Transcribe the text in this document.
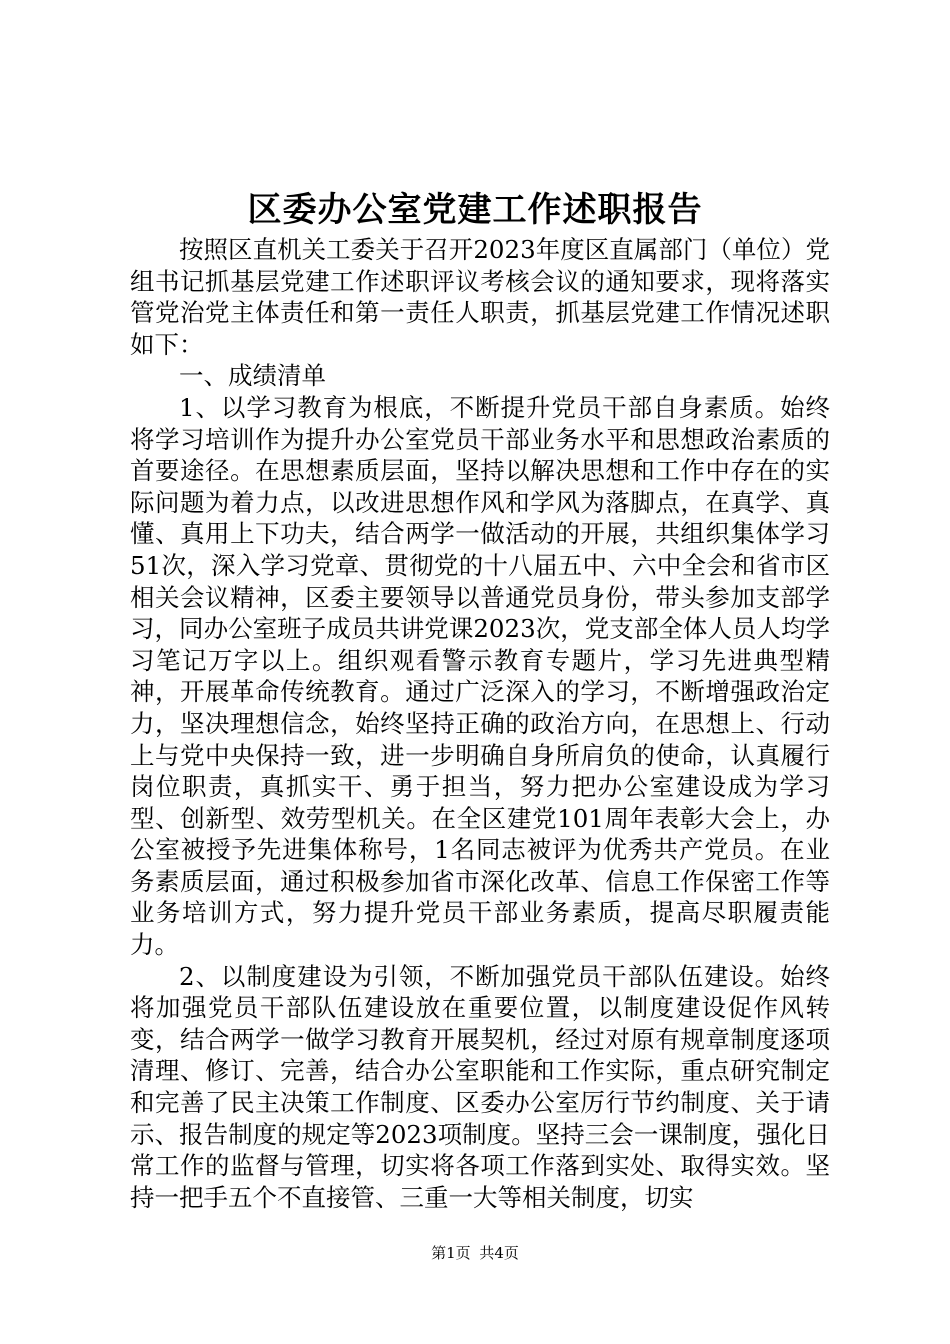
区委办公室党建工作述职报告

按照区直机关工委关于召开2023年度区直属部门（单位）党组书记抓基层党建工作述职评议考核会议的通知要求，现将落实管党治党主体责任和第一责任人职责，抓基层党建工作情况述职如下：

一、成绩清单

1、以学习教育为根底，不断提升党员干部自身素质。始终将学习培训作为提升办公室党员干部业务水平和思想政治素质的首要途径。在思想素质层面，坚持以解决思想和工作中存在的实际问题为着力点，以改进思想作风和学风为落脚点，在真学、真懂、真用上下功夫，结合两学一做活动的开展，共组织集体学习51次，深入学习党章、贯彻党的十八届五中、六中全会和省市区相关会议精神，区委主要领导以普通党员身份，带头参加支部学习，同办公室班子成员共讲党课2023次，党支部全体人员人均学习笔记万字以上。组织观看警示教育专题片，学习先进典型精神，开展革命传统教育。通过广泛深入的学习，不断增强政治定力，坚决理想信念，始终坚持正确的政治方向，在思想上、行动上与党中央保持一致，进一步明确自身所肩负的使命，认真履行岗位职责，真抓实干、勇于担当，努力把办公室建设成为学习型、创新型、效劳型机关。在全区建党101周年表彰大会上，办公室被授予先进集体称号，1名同志被评为优秀共产党员。在业务素质层面，通过积极参加省市深化改革、信息工作保密工作等业务培训方式，努力提升党员干部业务素质，提高尽职履责能力。

2、以制度建设为引领，不断加强党员干部队伍建设。始终将加强党员干部队伍建设放在重要位置，以制度建设促作风转变，结合两学一做学习教育开展契机，经过对原有规章制度逐项清理、修订、完善，结合办公室职能和工作实际，重点研究制定和完善了民主决策工作制度、区委办公室厉行节约制度、关于请示、报告制度的规定等2023项制度。坚持三会一课制度，强化日常工作的监督与管理，切实将各项工作落到实处、取得实效。坚持一把手五个不直接管、三重一大等相关制度，切实

第1页 共4页
